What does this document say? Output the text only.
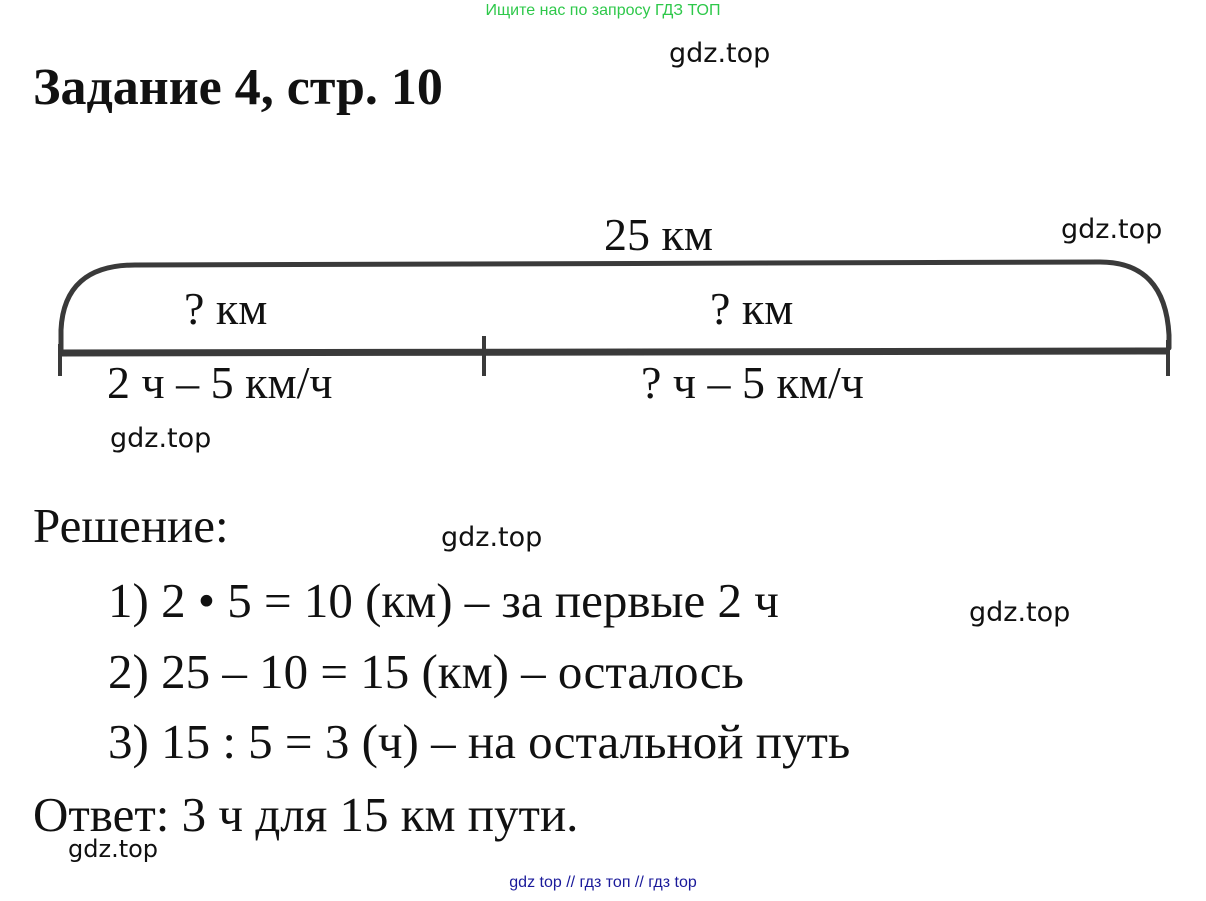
Ищите нас по запросу ГДЗ ТОП
Задание 4, стр. 10
gdz.top
gdz.top
gdz.top
gdz.top
gdz.top
gdz.top
25 км
? км	? км
2 ч – 5 км/ч	? ч – 5 км/ч
Решение:
1) 2 • 5 = 10 (км) – за первые 2 ч
2) 25 – 10 = 15 (км) – осталось
3) 15 : 5 = 3 (ч) – на остальной путь
Ответ: 3 ч для 15 км пути.
gdz top // гдз топ // гдз top
